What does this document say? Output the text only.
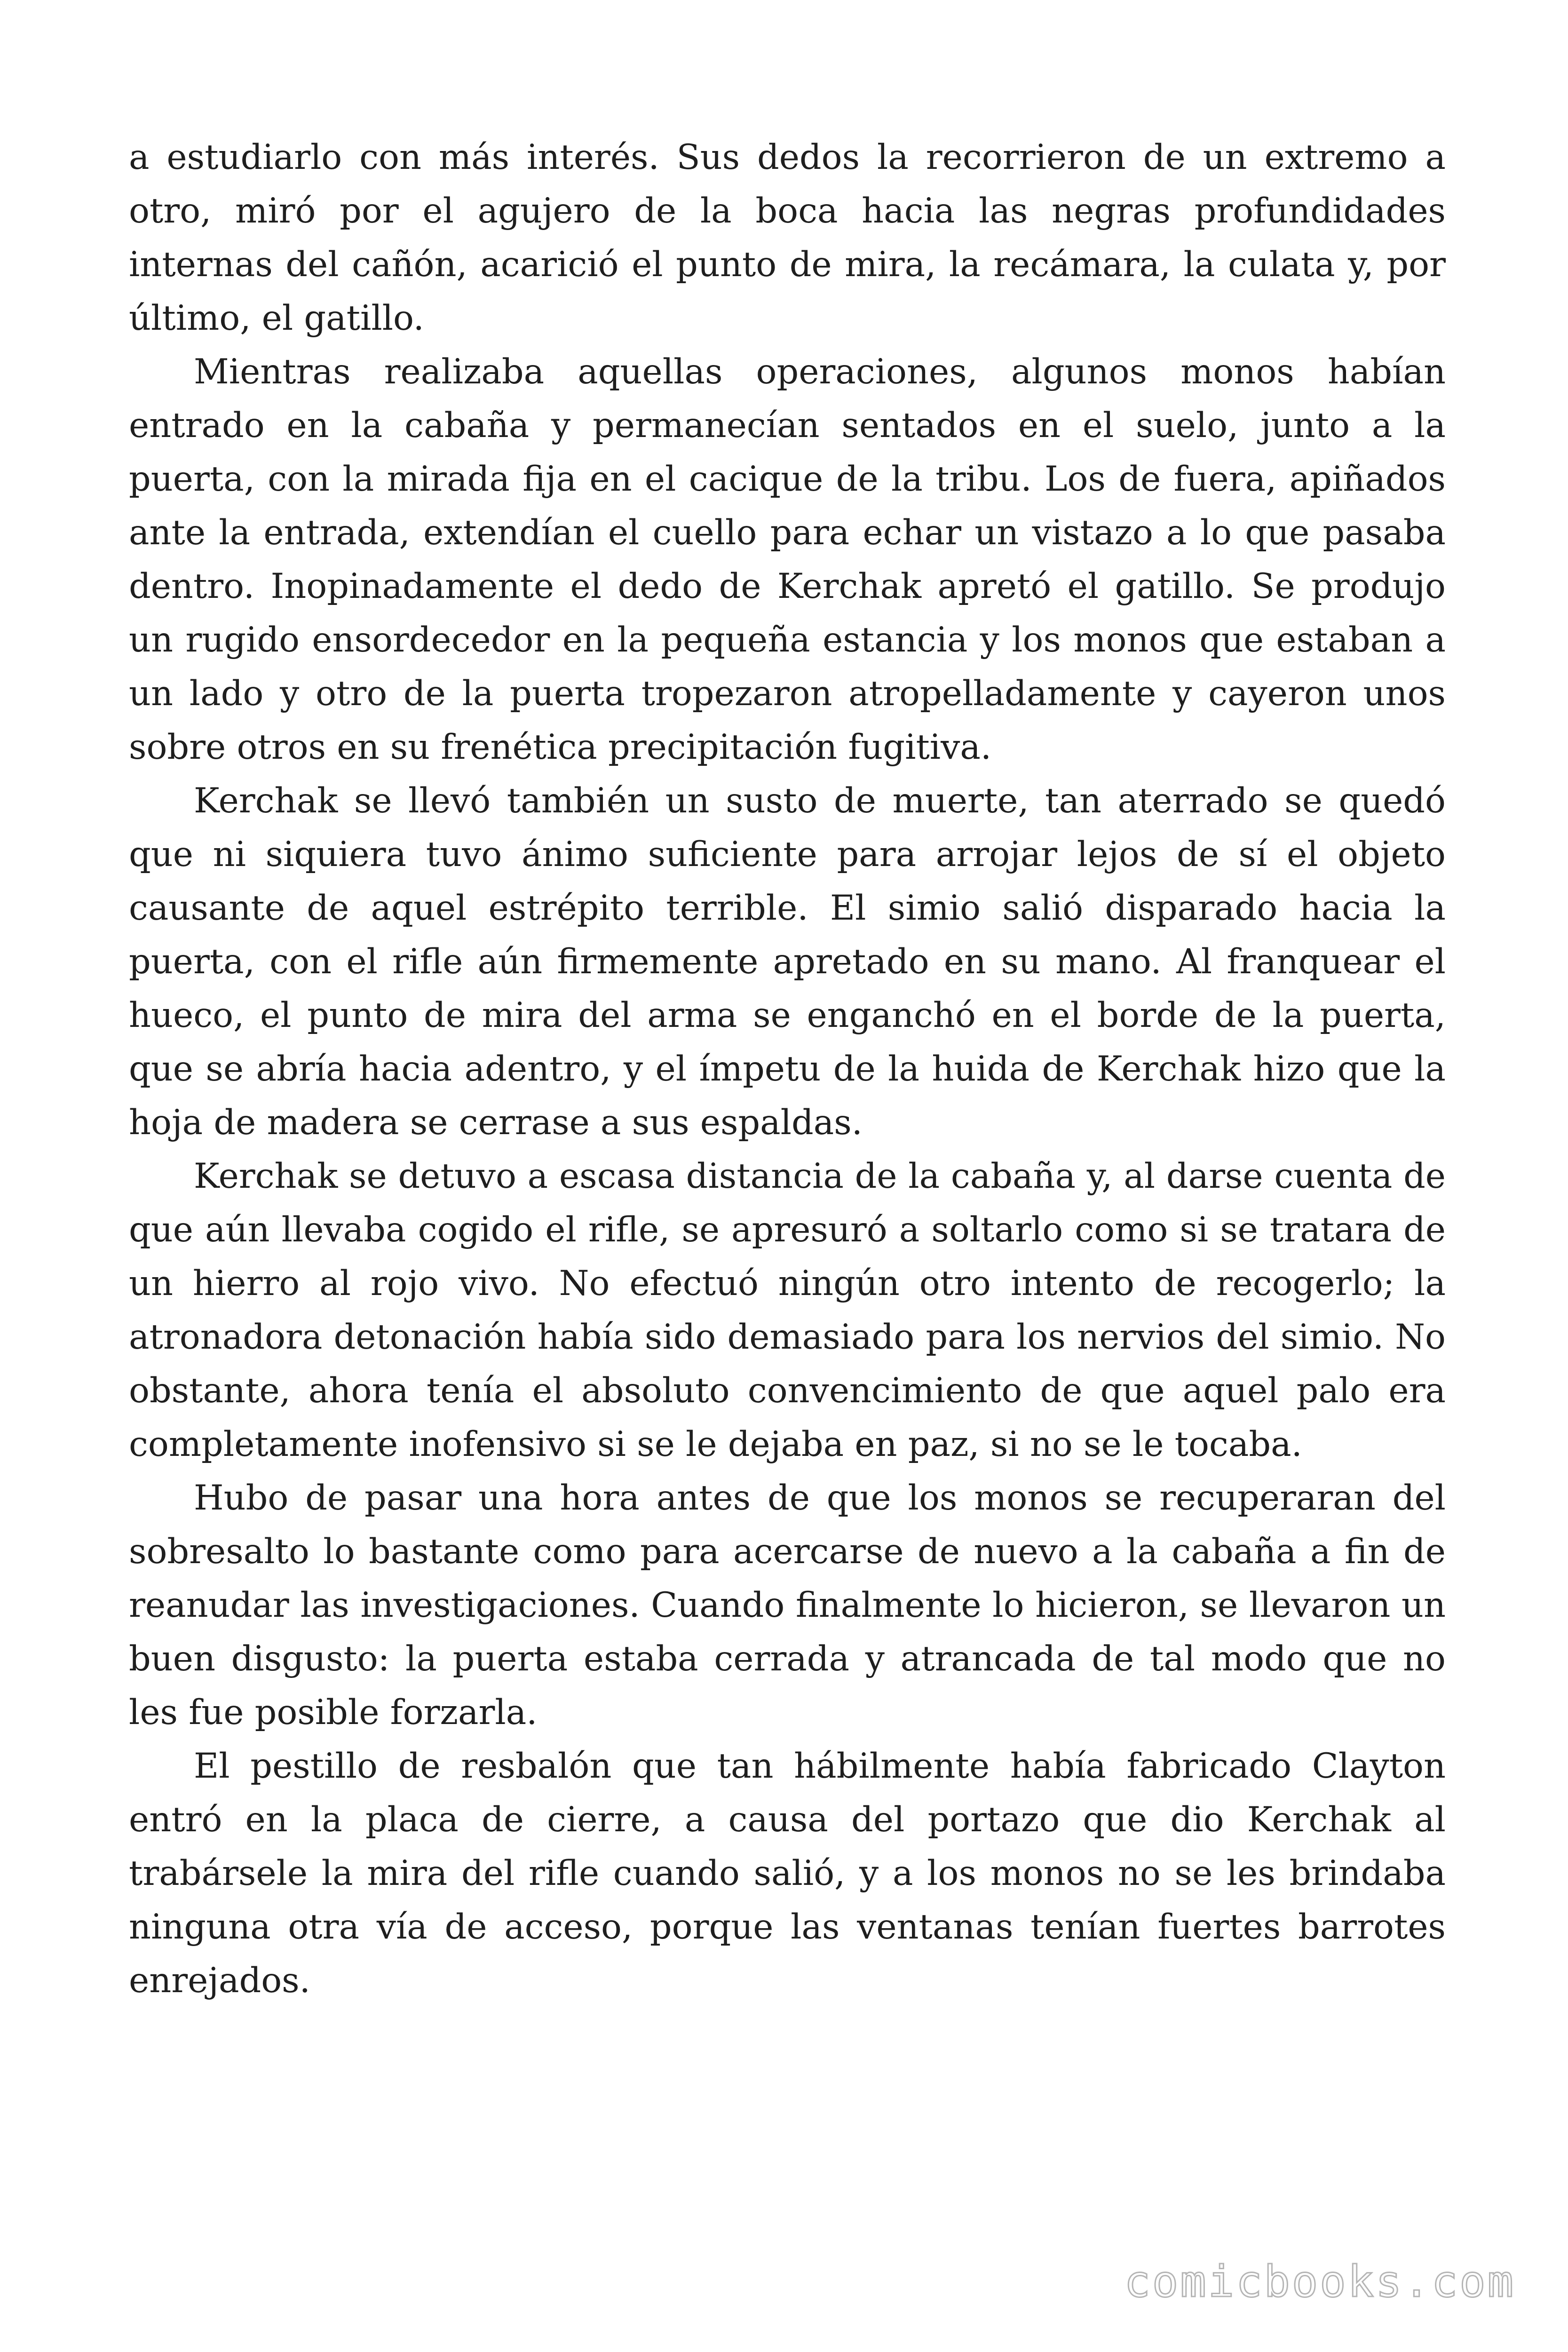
a estudiarlo con más interés. Sus dedos la recorrieron de un extremo a otro, miró por el agujero de la boca hacia las negras profundidades internas del cañón, acarició el punto de mira, la recámara, la culata y, por último, el gatillo.

Mientras realizaba aquellas operaciones, algunos monos habían entrado en la cabaña y permanecían sentados en el suelo, junto a la puerta, con la mirada fija en el cacique de la tribu. Los de fuera, apiñados ante la entrada, extendían el cuello para echar un vistazo a lo que pasaba dentro. Inopinadamente el dedo de Kerchak apretó el gatillo. Se produjo un rugido ensordecedor en la pequeña estancia y los monos que estaban a un lado y otro de la puerta tropezaron atropelladamente y cayeron unos sobre otros en su frenética precipitación fugitiva.

Kerchak se llevó también un susto de muerte, tan aterrado se quedó que ni siquiera tuvo ánimo suficiente para arrojar lejos de sí el objeto causante de aquel estrépito terrible. El simio salió disparado hacia la puerta, con el rifle aún firmemente apretado en su mano. Al franquear el hueco, el punto de mira del arma se enganchó en el borde de la puerta, que se abría hacia adentro, y el ímpetu de la huida de Kerchak hizo que la hoja de madera se cerrase a sus espaldas.

Kerchak se detuvo a escasa distancia de la cabaña y, al darse cuenta de que aún llevaba cogido el rifle, se apresuró a soltarlo como si se tratara de un hierro al rojo vivo. No efectuó ningún otro intento de recogerlo; la atronadora detonación había sido demasiado para los nervios del simio. No obstante, ahora tenía el absoluto convencimiento de que aquel palo era completamente inofensivo si se le dejaba en paz, si no se le tocaba.

Hubo de pasar una hora antes de que los monos se recuperaran del sobresalto lo bastante como para acercarse de nuevo a la cabaña a fin de reanudar las investigaciones. Cuando finalmente lo hicieron, se llevaron un buen disgusto: la puerta estaba cerrada y atrancada de tal modo que no les fue posible forzarla.

El pestillo de resbalón que tan hábilmente había fabricado Clayton entró en la placa de cierre, a causa del portazo que dio Kerchak al trabársele la mira del rifle cuando salió, y a los monos no se les brindaba ninguna otra vía de acceso, porque las ventanas tenían fuertes barrotes enrejados.

comicbooks.com
